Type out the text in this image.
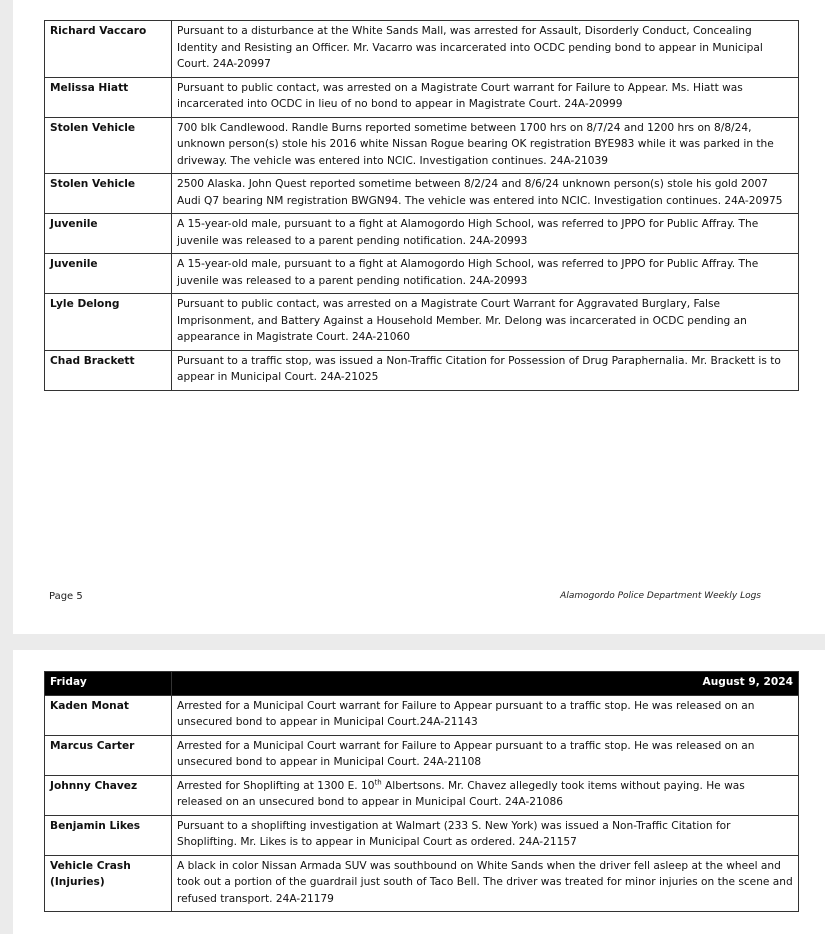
Richard Vaccaro	Pursuant to a disturbance at the White Sands Mall, was arrested for Assault, Disorderly Conduct, Concealing Identity and Resisting an Officer. Mr. Vacarro was incarcerated into OCDC pending bond to appear in Municipal Court. 24A-20997
Melissa Hiatt	Pursuant to public contact, was arrested on a Magistrate Court warrant for Failure to Appear. Ms. Hiatt was incarcerated into OCDC in lieu of no bond to appear in Magistrate Court. 24A-20999
Stolen Vehicle	700 blk Candlewood. Randle Burns reported sometime between 1700 hrs on 8/7/24 and 1200 hrs on 8/8/24, unknown person(s) stole his 2016 white Nissan Rogue bearing OK registration BYE983 while it was parked in the driveway. The vehicle was entered into NCIC. Investigation continues. 24A-21039
Stolen Vehicle	2500 Alaska. John Quest reported sometime between 8/2/24 and 8/6/24 unknown person(s) stole his gold 2007 Audi Q7 bearing NM registration BWGN94. The vehicle was entered into NCIC. Investigation continues. 24A-20975
Juvenile	A 15-year-old male, pursuant to a fight at Alamogordo High School, was referred to JPPO for Public Affray. The juvenile was released to a parent pending notification. 24A-20993
Juvenile	A 15-year-old male, pursuant to a fight at Alamogordo High School, was referred to JPPO for Public Affray. The juvenile was released to a parent pending notification. 24A-20993
Lyle Delong	Pursuant to public contact, was arrested on a Magistrate Court Warrant for Aggravated Burglary, False Imprisonment, and Battery Against a Household Member. Mr. Delong was incarcerated in OCDC pending an appearance in Magistrate Court. 24A-21060
Chad Brackett	Pursuant to a traffic stop, was issued a Non-Traffic Citation for Possession of Drug Paraphernalia. Mr. Brackett is to appear in Municipal Court. 24A-21025
Page 5	Alamogordo Police Department Weekly Logs
Friday	August 9, 2024
Kaden Monat	Arrested for a Municipal Court warrant for Failure to Appear pursuant to a traffic stop. He was released on an unsecured bond to appear in Municipal Court.24A-21143
Marcus Carter	Arrested for a Municipal Court warrant for Failure to Appear pursuant to a traffic stop. He was released on an unsecured bond to appear in Municipal Court. 24A-21108
Johnny Chavez	Arrested for Shoplifting at 1300 E. 10th Albertsons. Mr. Chavez allegedly took items without paying. He was released on an unsecured bond to appear in Municipal Court. 24A-21086
Benjamin Likes	Pursuant to a shoplifting investigation at Walmart (233 S. New York) was issued a Non-Traffic Citation for Shoplifting. Mr. Likes is to appear in Municipal Court as ordered. 24A-21157
Vehicle Crash (Injuries)	A black in color Nissan Armada SUV was southbound on White Sands when the driver fell asleep at the wheel and took out a portion of the guardrail just south of Taco Bell. The driver was treated for minor injuries on the scene and refused transport. 24A-21179
